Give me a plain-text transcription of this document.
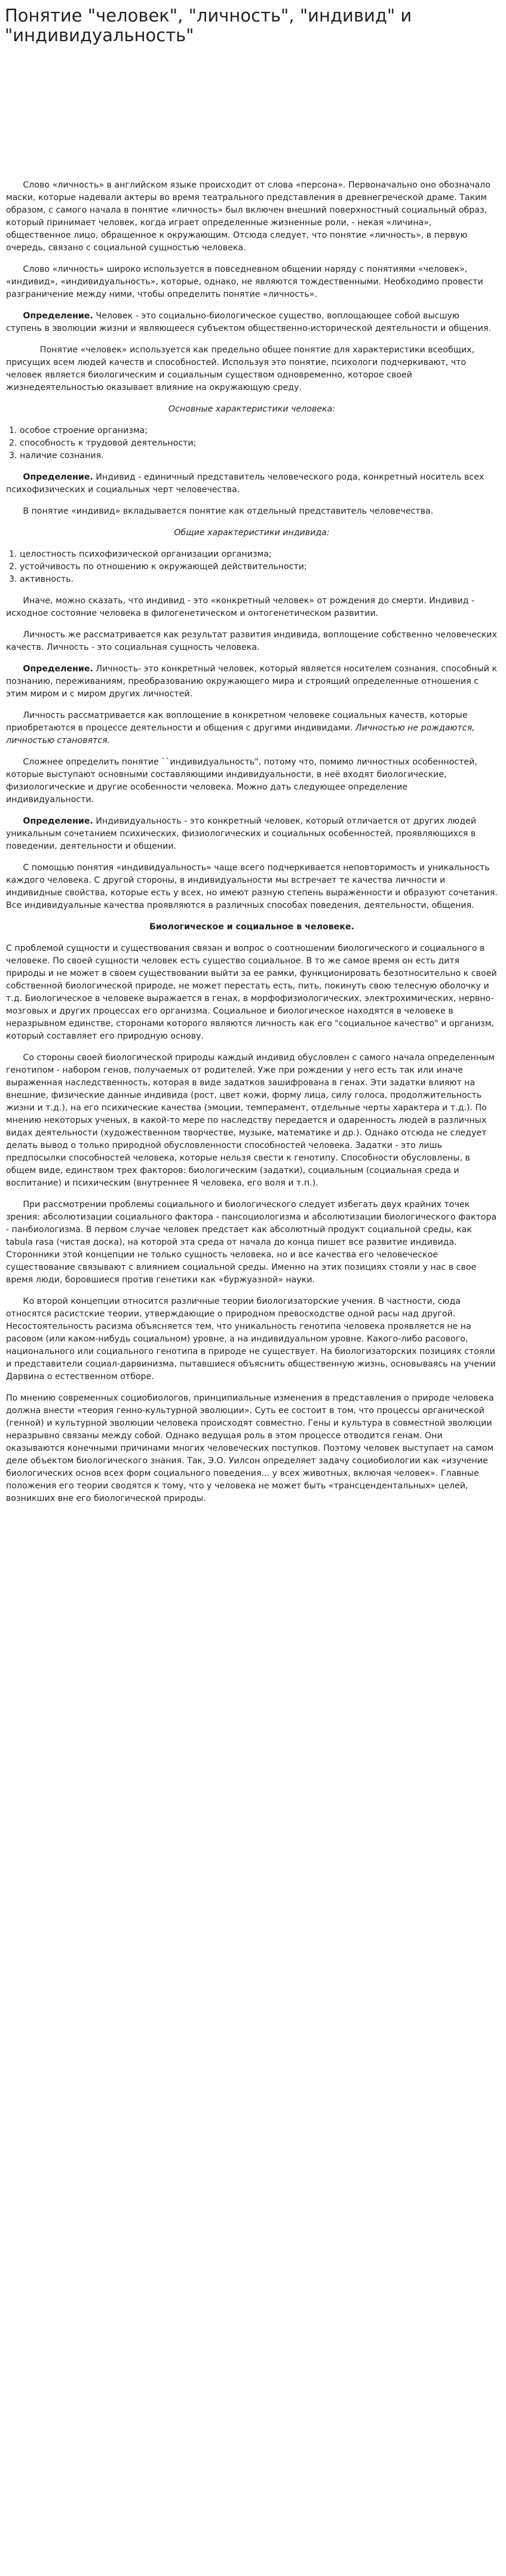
Понятие "человек", "личность", "индивид" и "индивидуальность"

Слово «личность» в английском языке происходит от слова «персона». Первоначально оно обозначало маски, которые надевали актеры во время театрального представления в древнегреческой драме. Таким образом, с самого начала в понятие «личность» был включен внешний поверхностный социальный образ, который принимает человек, когда играет определенные жизненные роли, - некая «личина», общественное лицо, обращенное к окружающим. Отсюда следует, что понятие «личность», в первую очередь, связано с социальной сущностью человека.

Слово «личность» широко используется в повседневном общении наряду с понятиями «человек», «индивид», «индивидуальность», которые, однако, не являются тождественными. Необходимо провести разграничение между ними, чтобы определить понятие «личность».

Определение. Человек - это социально-биологическое существо, воплощающее собой высшую ступень в эволюции жизни и являющееся субъектом общественно-исторической деятельности и общения.

Понятие «человек» используется как предельно общее понятие для характеристики всеобщих, присущих всем людей качеств и способностей. Используя это понятие, психологи подчеркивают, что человек является биологическим и социальным существом одновременно, которое своей жизнедеятельностью оказывает влияние на окружающую среду.

Основные характеристики человека:

1. особое строение организма;
2. способность к трудовой деятельности;
3. наличие сознания.

Определение. Индивид - единичный представитель человеческого рода, конкретный носитель всех психофизических и социальных черт человечества.

В понятие «индивид» вкладывается понятие как отдельный представитель человечества.

Общие характеристики индивида:

1. целостность психофизической организации организма;
2. устойчивость по отношению к окружающей действительности;
3. активность.

Иначе, можно сказать, что индивид - это «конкретный человек» от рождения до смерти. Индивид - исходное состояние человека в филогенетическом и онтогенетическом развитии.

Личность же рассматривается как результат развития индивида, воплощение собственно человеческих качеств. Личность - это социальная сущность человека.

Определение. Личность- это конкретный человек, который является носителем сознания, способный к познанию, переживаниям, преобразованию окружающего мира и строящий определенные отношения с этим миром и с миром других личностей.

Личность рассматривается как воплощение в конкретном человеке социальных качеств, которые приобретаются в процессе деятельности и общения с другими индивидами. Личностью не рождаются, личностью становятся.

Сложнее определить понятие ``индивидуальность", потому что, помимо личностных особенностей, которые выступают основными составляющими индивидуальности, в неё входят биологические, физиологические и другие особенности человека. Можно дать следующее определение индивидуальности.

Определение. Индивидуальность - это конкретный человек, который отличается от других людей уникальным сочетанием психических, физиологических и социальных особенностей, проявляющихся в поведении, деятельности и общении.

С помощью понятия «индивидуальность» чаще всего подчеркивается неповторимость и уникальность каждого человека. С другой стороны, в индивидуальности мы встречает те качества личности и индивидные свойства, которые есть у всех, но имеют разную степень выраженности и образуют сочетания. Все индивидуальные качества проявляются в различных способах поведения, деятельности, общения.

Биологическое и социальное в человеке.

С проблемой сущности и существования связан и вопрос о соотношении биологического и социального в человеке. По своей сущности человек есть существо социальное. В то же самое время он есть дитя природы и не может в своем существовании выйти за ее рамки, функционировать безотносительно к своей собственной биологической природе, не может перестать есть, пить, покинуть свою телесную оболочку и т.д. Биологическое в человеке выражается в генах, в морфофизиологических, электрохимических, нервно-мозговых и других процессах его организма. Социальное и биологическое находятся в человеке в неразрывном единстве, сторонами которого являются личность как его "социальное качество" и организм, который составляет его природную основу.

Со стороны своей биологической природы каждый индивид обусловлен с самого начала определенным генотипом - набором генов, получаемых от родителей. Уже при рождении у него есть так или иначе выраженная наследственность, которая в виде задатков зашифрована в генах. Эти задатки влияют на внешние, физические данные индивида (рост, цвет кожи, форму лица, силу голоса, продолжительность жизни и т.д.), на его психические качества (эмоции, темперамент, отдельные черты характера и т.д.). По мнению некоторых ученых, в какой-то мере по наследству передается и одаренность людей в различных видах деятельности (художественном творчестве, музыке, математике и др.). Однако отсюда не следует делать вывод о только природной обусловленности способностей человека. Задатки - это лишь предпосылки способностей человека, которые нельзя свести к генотипу. Способности обусловлены, в общем виде, единством трех факторов: биологическим (задатки), социальным (социальная среда и воспитание) и психическим (внутреннее Я человека, его воля и т.п.).

При рассмотрении проблемы социального и биологического следует избегать двух крайних точек зрения: абсолютизации социального фактора - пансоциологизма и абсолютизации биологического фактора - панбиологизма. В первом случае человек предстает как абсолютный продукт социальной среды, как tabula rasa (чистая доска), на которой эта среда от начала до конца пишет все развитие индивида. Сторонники этой концепции не только сущность человека, но и все качества его человеческое существование связывают с влиянием социальной среды. Именно на этих позициях стояли у нас в свое время люди, боровшиеся против генетики как «буржуазной» науки.

Ко второй концепции относится различные теории биологизаторские учения. В частности, сюда относятся расистские теории, утверждающие о природном превосходстве одной расы над другой. Несостоятельность расизма объясняется тем, что уникальность генотипа человека проявляется не на расовом (или каком-нибудь социальном) уровне, а на индивидуальном уровне. Какого-либо расового, национального или социального генотипа в природе не существует. На биологизаторских позициях стояли и представители социал-дарвинизма, пытавшиеся объяснить общественную жизнь, основываясь на учении Дарвина о естественном отборе.

По мнению современных социобиологов, принципиальные изменения в представления о природе человека должна внести «теория генно-культурной эволюции». Суть ее состоит в том, что процессы органической (генной) и культурной эволюции человека происходят совместно. Гены и культура в совместной эволюции неразрывно связаны между собой. Однако ведущая роль в этом процессе отводится генам. Они оказываются конечными причинами многих человеческих поступков. Поэтому человек выступает на самом деле объектом биологического знания. Так, Э.О. Уилсон определяет задачу социобиологии как «изучение биологических основ всех форм социального поведения... у всех животных, включая человек». Главные положения его теории сводятся к тому, что у человека не может быть «трансцендентальных» целей, возникших вне его биологической природы.
